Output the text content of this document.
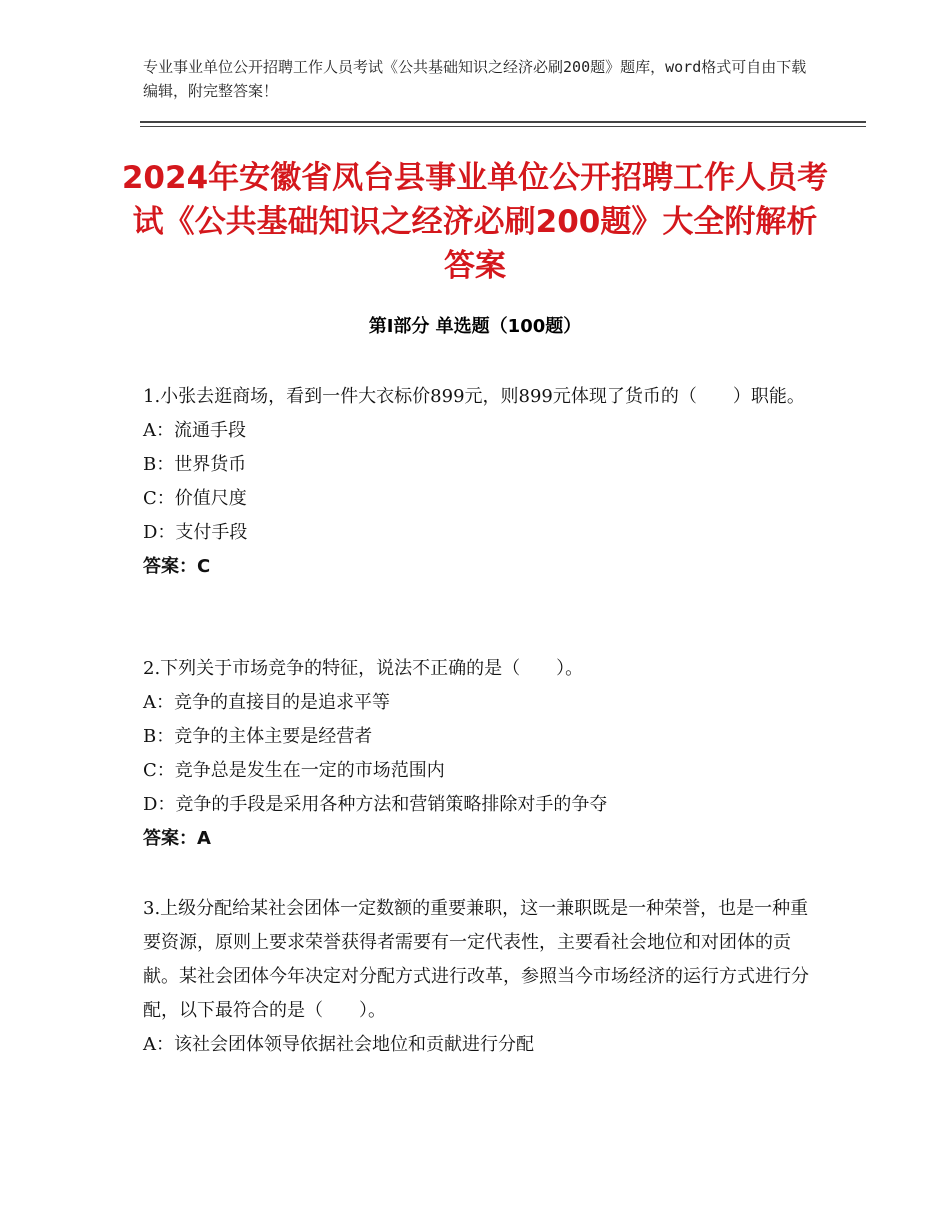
专业事业单位公开招聘工作人员考试《公共基础知识之经济必刷200题》题库，word格式可自由下载编辑，附完整答案！
2024年安徽省凤台县事业单位公开招聘工作人员考试《公共基础知识之经济必刷200题》大全附解析答案
第Ⅰ部分 单选题（100题）
1.小张去逛商场，看到一件大衣标价899元，则899元体现了货币的（　　）职能。
A：流通手段
B：世界货币
C：价值尺度
D：支付手段
答案：C
2.下列关于市场竞争的特征，说法不正确的是（　　）。
A：竞争的直接目的是追求平等
B：竞争的主体主要是经营者
C：竞争总是发生在一定的市场范围内
D：竞争的手段是采用各种方法和营销策略排除对手的争夺
答案：A
3.上级分配给某社会团体一定数额的重要兼职，这一兼职既是一种荣誉，也是一种重要资源，原则上要求荣誉获得者需要有一定代表性，主要看社会地位和对团体的贡献。某社会团体今年决定对分配方式进行改革，参照当今市场经济的运行方式进行分配，以下最符合的是（　　）。
A：该社会团体领导依据社会地位和贡献进行分配
